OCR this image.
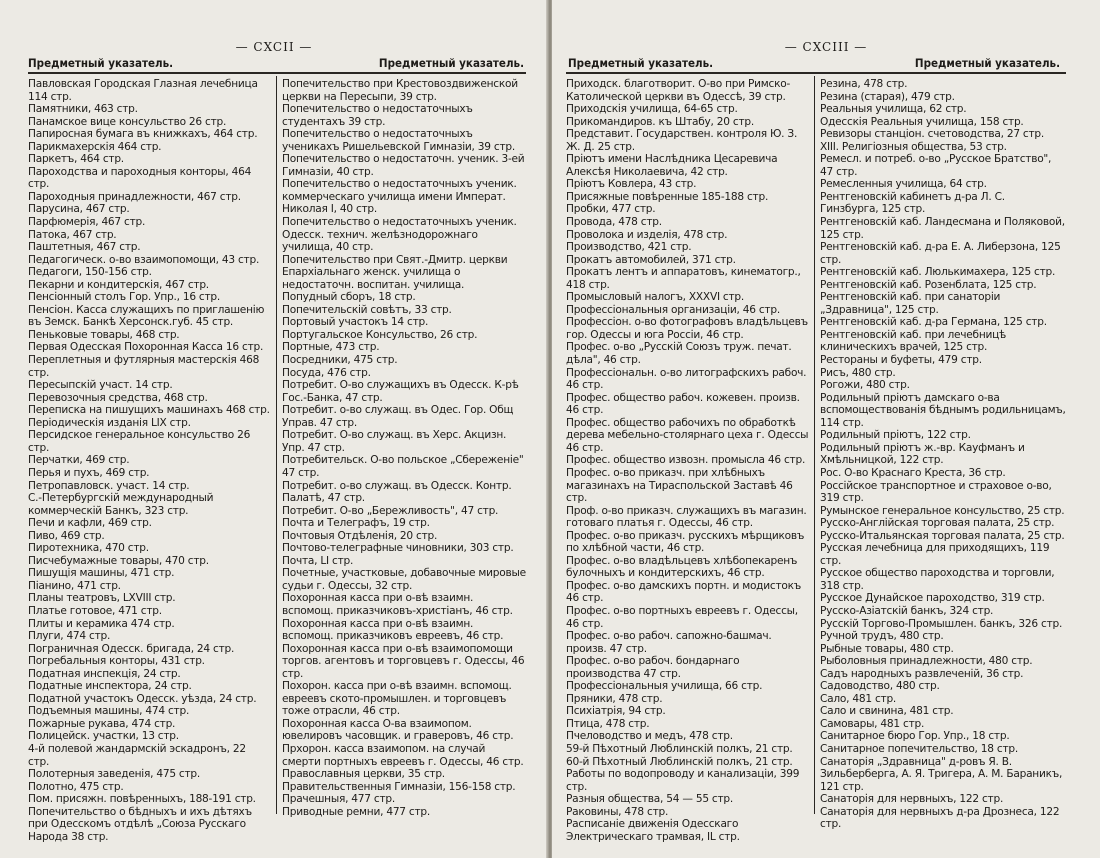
— CXCII —
Предметный указатель.	Предметный указатель.
Павловская Городская Глазная лечебница 114 стр.
Памятники, 463 стр.
Панамское вице консульство 26 стр.
Папиросная бумага въ книжкахъ, 464 стр.
Парикмахерскія 464 стр.
Паркетъ, 464 стр.
Пароходства и пароходныя конторы, 464 стр.
Пароходныя принадлежности, 467 стр.
Парусина, 467 стр.
Парфюмерія, 467 стр.
Патока, 467 стр.
Паштетныя, 467 стр.
Педагогическ. о-во взаимопомощи, 43 стр.
Педагоги, 150-156 стр.
Пекарни и кондитерскія, 467 стр.
Пенсіонный столъ Гор. Упр., 16 стр.
Пенсіон. Касса служащихъ по приглашенію въ Земск. Банкѣ Херсонск.губ. 45 стр.
Пеньковые товары, 468 стр.
Первая Одесская Похоронная Касса 16 стр.
Переплетныя и футлярныя мастерскія 468 стр.
Пересыпскій участ. 14 стр.
Перевозочныя средства, 468 стр.
Переписка на пишущихъ машинахъ 468 стр.
Періодическія изданія LIX стр.
Персидское генеральное консульство 26 стр.
Перчатки, 469 стр.
Перья и пухъ, 469 стр.
Петропавловск. участ. 14 стр.
С.-Петербургскій международный коммерческій Банкъ, 323 стр.
Печи и кафли, 469 стр.
Пиво, 469 стр.
Пиротехника, 470 стр.
Писчебумажные товары, 470 стр.
Пишущія машины, 471 стр.
Піанино, 471 стр.
Планы театровъ, LXVIII стр.
Платье готовое, 471 стр.
Плиты и керамика 474 стр.
Плуги, 474 стр.
Пограничная Одесск. бригада, 24 стр.
Погребальныя конторы, 431 стр.
Податная инспекція, 24 стр.
Податные инспектора, 24 стр.
Податной участокъ Одесск. уѣзда, 24 стр.
Подъемныя машины, 474 стр.
Пожарные рукава, 474 стр.
Полицейск. участки, 13 стр.
4-й полевой жандармскій эскадронъ, 22 стр.
Полотерныя заведенія, 475 стр.
Полотно, 475 стр.
Пом. присяжн. повѣренныхъ, 188-191 стр.
Попечительство о бѣдныхъ и ихъ дѣтяхъ при Одесскомъ отдѣлѣ „Союза Русскаго Народа 38 стр.
Попечительство при Крестовоздвиженской церкви на Пересыпи, 39 стр.
Попечительство о недостаточныхъ студентахъ 39 стр.
Попечительство о недостаточныхъ ученикахъ Ришельевской Гимназіи, 39 стр.
Попечительство о недостаточн. ученик. 3-ей Гимназіи, 40 стр.
Попечительство о недостаточныхъ ученик. коммерческаго училища имени Императ. Николая I, 40 стр.
Попечительство о недостаточныхъ ученик. Одесск. технич. желѣзнодорожнаго училища, 40 стр.
Попечительство при Свят.-Дмитр. церкви Епархіальнаго женск. училища о недостаточн. воспитан. училища.
Попудный сборъ, 18 стр.
Попечительскій совѣтъ, 33 стр.
Портовый участокъ 14 стр.
Португальское Консульство, 26 стр.
Портные, 473 стр.
Посредники, 475 стр.
Посуда, 476 стр.
Потребит. О-во служащихъ въ Одесск. К-рѣ Гос.-Банка, 47 стр.
Потребит. о-во служащ. въ Одес. Гор. Общ Управ. 47 стр.
Потребит. О-во служащ. въ Херс. Акцизн. Упр. 47 стр.
Потребительск. О-во польское „Сбереженіе" 47 стр.
Потребит. о-во служащ. въ Одесск. Контр. Палатѣ, 47 стр.
Потребит. О-во „Бережливость", 47 стр.
Почта и Телеграфъ, 19 стр.
Почтовыя Отдѣленія, 20 стр.
Почтово-телеграфные чиновники, 303 стр.
Почта, LI стр.
Почетные, участковые, добавочные мировые судьи г. Одессы, 32 стр.
Похоронная касса при о-вѣ взаимн. вспомощ. приказчиковъ-христіанъ, 46 стр.
Похоронная касса при о-вѣ взаимн. вспомощ. приказчиковъ евреевъ, 46 стр.
Похоронная касса при о-вѣ взаимопомощи торгов. агентовъ и торговцевъ г. Одессы, 46 стр.
Похорон. касса при о-вѣ взаимн. вспомощ. евреевъ ското-промышлен. и торговцевъ тоже отрасли, 46 стр.
Похоронная касса О-ва взаимопом. ювелировъ часовщик. и граверовъ, 46 стр.
Прхорон. касса взаимопом. на случай смерти портныхъ евреевъ г. Одессы, 46 стр.
Православныя церкви, 35 стр.
Правительственныя Гимназіи, 156-158 стр.
Прачешныя, 477 стр.
Приводные ремни, 477 стр.
— CXCIII —
Предметный указатель.	Предметный указатель.
Приходск. благотворит. О-во при Римско-Католической церкви въ Одессѣ, 39 стр.
Приходскія училища, 64-65 стр.
Прикомандиров. къ Штабу, 20 стр.
Представит. Государствен. контроля Ю. З. Ж. Д. 25 стр.
Пріютъ имени Наслѣдника Цесаревича Алексѣя Николаевича, 42 стр.
Пріютъ Ковлера, 43 стр.
Присяжные повѣренные 185-188 стр.
Пробки, 477 стр.
Провода, 478 стр.
Проволока и изделія, 478 стр.
Производство, 421 стр.
Прокатъ автомобилей, 371 стр.
Прокатъ лентъ и аппаратовъ, кинематогр., 418 стр.
Промысловый налогъ, XXXVI стр.
Профессіональныя организаціи, 46 стр.
Профессіон. о-во фотографовъ владѣльцевъ гор. Одессы и юга Россіи, 46 стр.
Профес. о-во „Русскій Союзъ труж. печат. дѣла", 46 стр.
Профессіональн. о-во литографскихъ рабоч. 46 стр.
Профес. общество рабоч. кожевен. произв. 46 стр.
Профес. общество рабочихъ по обработкѣ дерева мебельно-столярнаго цеха г. Одессы 46 стр.
Профес. общество извозн. промысла 46 стр.
Профес. о-во приказч. при хлѣбныхъ магазинахъ на Тираспольской Заставѣ 46 стр.
Проф. о-во приказч. служащихъ въ магазин. готоваго платья г. Одессы, 46 стр.
Профес. о-во приказч. русскихъ мѣрщиковъ по хлѣбной части, 46 стр.
Профес. о-во владѣльцевъ хлѣбопекаренъ булочныхъ и кондитерскихъ, 46 стр.
Профес. о-во дамскихъ портн. и модистокъ 46 стр.
Профес. о-во портныхъ евреевъ г. Одессы, 46 стр.
Профес. о-во рабоч. сапожно-башмач. произв. 47 стр.
Профес. о-во рабоч. бондарнаго производства 47 стр.
Профессіональныя училища, 66 стр.
Пряники, 478 стр.
Психіатрія, 94 стр.
Птица, 478 стр.
Пчеловодство и медъ, 478 стр.
59-й Пѣхотный Люблинскій полкъ, 21 стр.
60-й Пѣхотный Люблинскій полкъ, 21 стр.
Работы по водопроводу и канализаціи, 399 стр.
Разныя общества, 54 — 55 стр.
Раковины, 478 стр.
Расписаніе движенія Одесскаго Электрическаго трамвая, IL стр.
Резина, 478 стр.
Резина (старая), 479 стр.
Реальныя училища, 62 стр.
Одесскія Реальныя училища, 158 стр.
Ревизоры станціон. счетоводства, 27 стр.
XIII. Религіозныя общества, 53 стр.
Ремесл. и потреб. о-во „Русское Братство", 47 стр.
Ремесленныя училища, 64 стр.
Рентгеновскій кабинетъ д-ра Л. С. Гинзбурга, 125 стр.
Рентгеновскій каб. Ландесмана и Поляковой, 125 стр.
Рентгеновскій каб. д-ра Е. А. Либерзона, 125 стр.
Рентгеновскій каб. Люлькимахера, 125 стр.
Рентгеновскій каб. Розенблата, 125 стр.
Рентгеновскій каб. при санаторіи „Здравница", 125 стр.
Рентгеновскій каб. д-ра Германа, 125 стр.
Рентгеновскій каб. при лечебницѣ клиническихъ врачей, 125 стр.
Рестораны и буфеты, 479 стр.
Рисъ, 480 стр.
Рогожи, 480 стр.
Родильный пріютъ дамскаго о-ва вспомоществованія бѣднымъ родильницамъ, 114 стр.
Родильный пріютъ, 122 стр.
Родильный пріютъ ж.-вр. Кауфманъ и Хмѣльницкой, 122 стр.
Рос. О-во Краснаго Креста, 36 стр.
Россійское транспортное и страховое о-во, 319 стр.
Румынское генеральное консульство, 25 стр.
Русско-Англійская торговая палата, 25 стр.
Русско-Итальянская торговая палата, 25 стр.
Русская лечебница для приходящихъ, 119 стр.
Русское общество пароходства и торговли, 318 стр.
Русское Дунайское пароходство, 319 стр.
Русско-Азіатскій банкъ, 324 стр.
Русскій Торгово-Промышлен. банкъ, 326 стр.
Ручной трудъ, 480 стр.
Рыбные товары, 480 стр.
Рыболовныя принадлежности, 480 стр.
Садъ народныхъ развлеченій, 36 стр.
Садоводство, 480 стр.
Сало, 481 стр.
Сало и свинина, 481 стр.
Самовары, 481 стр.
Санитарное бюро Гор. Упр., 18 стр.
Санитарное попечительство, 18 стр.
Санаторія „Здравница" д-ровъ Я. В. Зильберберга, А. Я. Тригера, А. М. Бараникъ, 121 стр.
Санаторія для нервныхъ, 122 стр.
Санаторія для нервныхъ д-ра Дрознеса, 122 стр.
